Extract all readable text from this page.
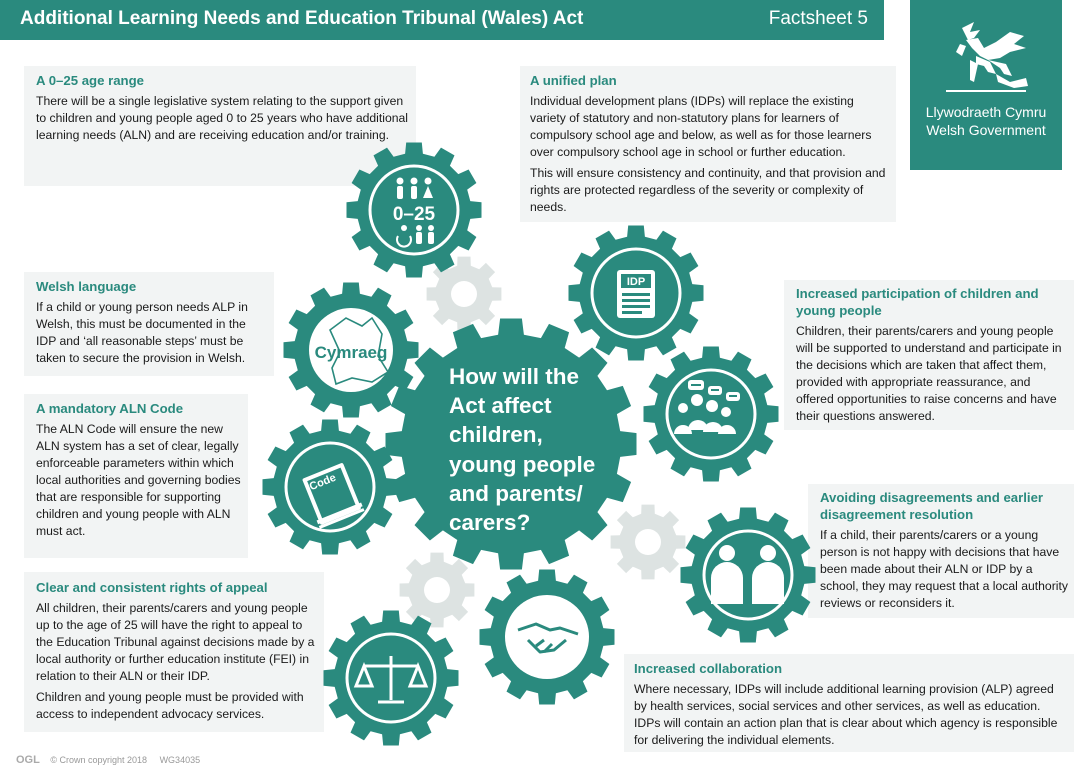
Additional Learning Needs and Education Tribunal (Wales) Act	Factsheet 5
Llywodraeth Cymru
Welsh Government
0–25
IDP
Cymraeg
Code
How will the
Act affect
children,
young people
and parents/
carers?
A 0–25 age range

There will be a single legislative system relating to the support given to children and young people aged 0 to 25 years who have additional learning needs (ALN) and are receiving education and/or training.

A unified plan

Individual development plans (IDPs) will replace the existing variety of statutory and non-statutory plans for learners of compulsory school age and below, as well as for those learners over compulsory school age in school or further education.

This will ensure consistency and continuity, and that provision and rights are protected regardless of the severity or complexity of needs.

Welsh language

If a child or young person needs ALP in Welsh, this must be documented in the IDP and ‘all reasonable steps’ must be taken to secure the provision in Welsh.

A mandatory ALN Code

The ALN Code will ensure the new ALN system has a set of clear, legally enforceable parameters within which local authorities and governing bodies that are responsible for supporting children and young people with ALN must act.

Clear and consistent rights of appeal

All children, their parents/carers and young people up to the age of 25 will have the right to appeal to the Education Tribunal against decisions made by a local authority or further education institute (FEI) in relation to their ALN or their IDP.

Children and young people must be provided with access to independent advocacy services.

Increased participation of children and young people

Children, their parents/carers and young people will be supported to understand and participate in the decisions which are taken that affect them, provided with appropriate reassurance, and offered opportunities to raise concerns and have their questions answered.

Avoiding disagreements and earlier disagreement resolution

If a child, their parents/carers or a young person is not happy with decisions that have been made about their ALN or IDP by a school, they may request that a local authority reviews or reconsiders it.

Increased collaboration

Where necessary, IDPs will include additional learning provision (ALP) agreed by health services, social services and other services, as well as education. IDPs will contain an action plan that is clear about which agency is responsible for delivering the individual elements.

OGL © Crown copyright 2018 WG34035
